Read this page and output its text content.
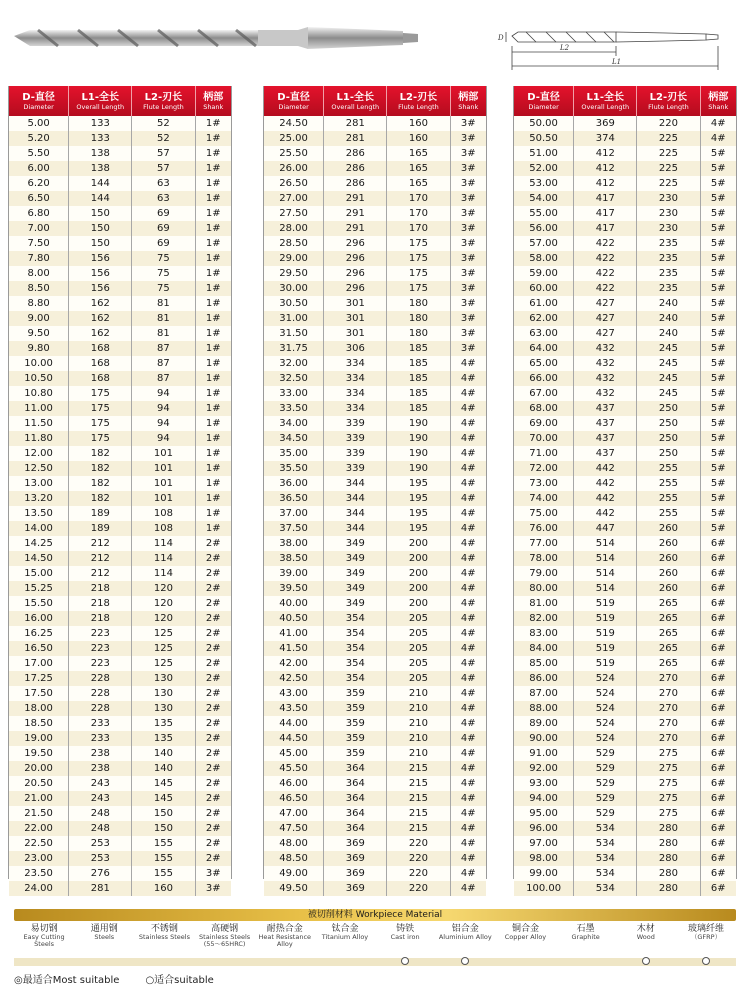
D
L2
L1
D-直径
Diameter
L1-全长
Overall Length
L2-刃长
Flute Length
柄部
Shank
5.00	133	52	1#
5.20	133	52	1#
5.50	138	57	1#
6.00	138	57	1#
6.20	144	63	1#
6.50	144	63	1#
6.80	150	69	1#
7.00	150	69	1#
7.50	150	69	1#
7.80	156	75	1#
8.00	156	75	1#
8.50	156	75	1#
8.80	162	81	1#
9.00	162	81	1#
9.50	162	81	1#
9.80	168	87	1#
10.00	168	87	1#
10.50	168	87	1#
10.80	175	94	1#
11.00	175	94	1#
11.50	175	94	1#
11.80	175	94	1#
12.00	182	101	1#
12.50	182	101	1#
13.00	182	101	1#
13.20	182	101	1#
13.50	189	108	1#
14.00	189	108	1#
14.25	212	114	2#
14.50	212	114	2#
15.00	212	114	2#
15.25	218	120	2#
15.50	218	120	2#
16.00	218	120	2#
16.25	223	125	2#
16.50	223	125	2#
17.00	223	125	2#
17.25	228	130	2#
17.50	228	130	2#
18.00	228	130	2#
18.50	233	135	2#
19.00	233	135	2#
19.50	238	140	2#
20.00	238	140	2#
20.50	243	145	2#
21.00	243	145	2#
21.50	248	150	2#
22.00	248	150	2#
22.50	253	155	2#
23.00	253	155	2#
23.50	276	155	3#
24.00	281	160	3#
D-直径
Diameter
L1-全长
Overall Length
L2-刃长
Flute Length
柄部
Shank
24.50	281	160	3#
25.00	281	160	3#
25.50	286	165	3#
26.00	286	165	3#
26.50	286	165	3#
27.00	291	170	3#
27.50	291	170	3#
28.00	291	170	3#
28.50	296	175	3#
29.00	296	175	3#
29.50	296	175	3#
30.00	296	175	3#
30.50	301	180	3#
31.00	301	180	3#
31.50	301	180	3#
31.75	306	185	3#
32.00	334	185	4#
32.50	334	185	4#
33.00	334	185	4#
33.50	334	185	4#
34.00	339	190	4#
34.50	339	190	4#
35.00	339	190	4#
35.50	339	190	4#
36.00	344	195	4#
36.50	344	195	4#
37.00	344	195	4#
37.50	344	195	4#
38.00	349	200	4#
38.50	349	200	4#
39.00	349	200	4#
39.50	349	200	4#
40.00	349	200	4#
40.50	354	205	4#
41.00	354	205	4#
41.50	354	205	4#
42.00	354	205	4#
42.50	354	205	4#
43.00	359	210	4#
43.50	359	210	4#
44.00	359	210	4#
44.50	359	210	4#
45.00	359	210	4#
45.50	364	215	4#
46.00	364	215	4#
46.50	364	215	4#
47.00	364	215	4#
47.50	364	215	4#
48.00	369	220	4#
48.50	369	220	4#
49.00	369	220	4#
49.50	369	220	4#
D-直径
Diameter
L1-全长
Overall Length
L2-刃长
Flute Length
柄部
Shank
50.00	369	220	4#
50.50	374	225	4#
51.00	412	225	5#
52.00	412	225	5#
53.00	412	225	5#
54.00	417	230	5#
55.00	417	230	5#
56.00	417	230	5#
57.00	422	235	5#
58.00	422	235	5#
59.00	422	235	5#
60.00	422	235	5#
61.00	427	240	5#
62.00	427	240	5#
63.00	427	240	5#
64.00	432	245	5#
65.00	432	245	5#
66.00	432	245	5#
67.00	432	245	5#
68.00	437	250	5#
69.00	437	250	5#
70.00	437	250	5#
71.00	437	250	5#
72.00	442	255	5#
73.00	442	255	5#
74.00	442	255	5#
75.00	442	255	5#
76.00	447	260	5#
77.00	514	260	6#
78.00	514	260	6#
79.00	514	260	6#
80.00	514	260	6#
81.00	519	265	6#
82.00	519	265	6#
83.00	519	265	6#
84.00	519	265	6#
85.00	519	265	6#
86.00	524	270	6#
87.00	524	270	6#
88.00	524	270	6#
89.00	524	270	6#
90.00	524	270	6#
91.00	529	275	6#
92.00	529	275	6#
93.00	529	275	6#
94.00	529	275	6#
95.00	529	275	6#
96.00	534	280	6#
97.00	534	280	6#
98.00	534	280	6#
99.00	534	280	6#
100.00	534	280	6#
被切削材料 Workpiece Material
易切钢
Easy Cutting Steels
通用钢
Steels
不锈钢
Stainless Steels
高硬钢
Stainless Steels (55～65HRC)
耐热合金
Heat Resistance Alloy
钛合金
Titanium Alloy
铸铁
Cast iron
铝合金
Aluminium Alloy
铜合金
Copper Alloy
石墨
Graphite
木材
Wood
玻璃纤维
（GFRP）
◎最适合Most suitable	○适合suitable
